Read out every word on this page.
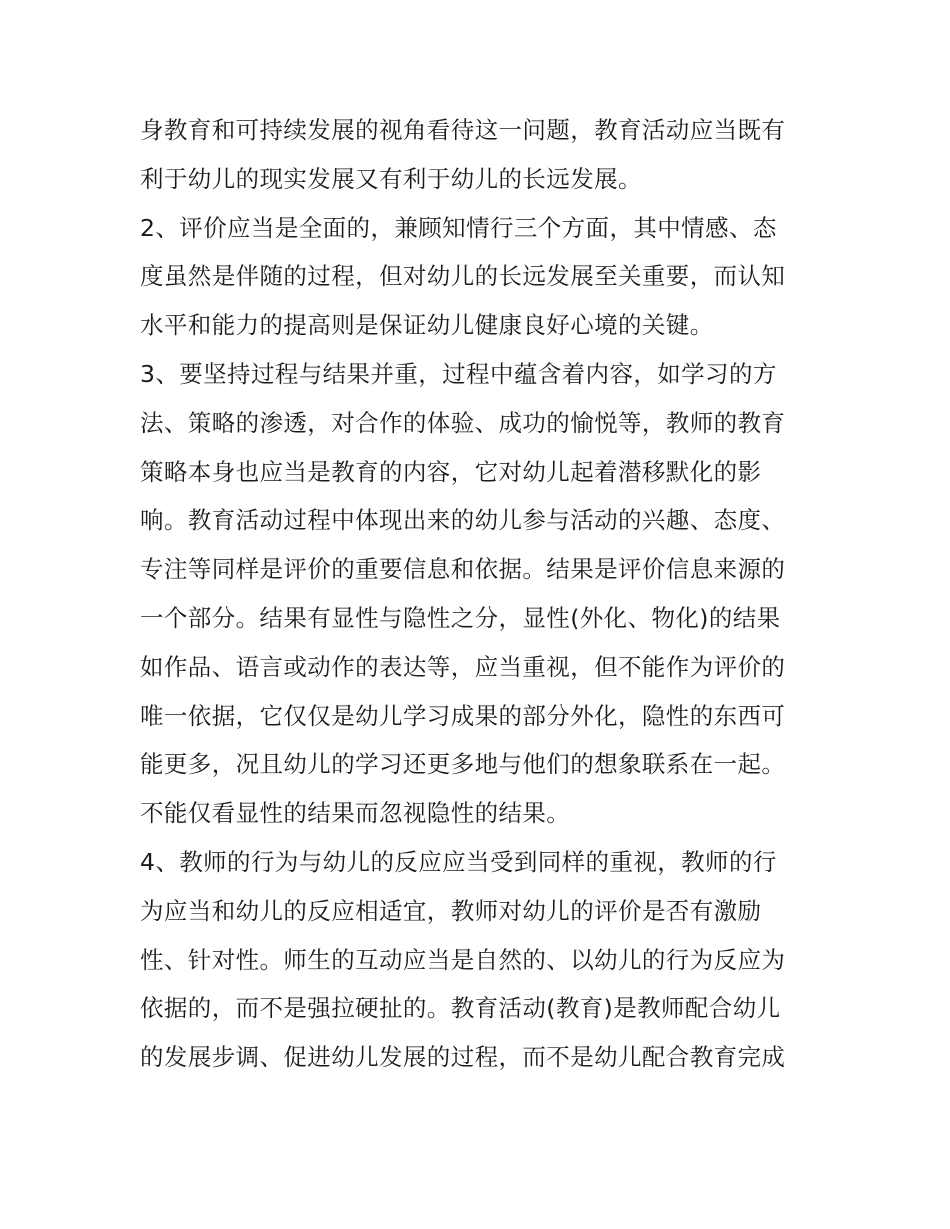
身教育和可持续发展的视角看待这一问题，教育活动应当既有
利于幼儿的现实发展又有利于幼儿的长远发展。
2、评价应当是全面的，兼顾知情行三个方面，其中情感、态
度虽然是伴随的过程，但对幼儿的长远发展至关重要，而认知
水平和能力的提高则是保证幼儿健康良好心境的关键。
3、要坚持过程与结果并重，过程中蕴含着内容，如学习的方
法、策略的渗透，对合作的体验、成功的愉悦等，教师的教育
策略本身也应当是教育的内容，它对幼儿起着潜移默化的影
响。教育活动过程中体现出来的幼儿参与活动的兴趣、态度、
专注等同样是评价的重要信息和依据。结果是评价信息来源的
一个部分。结果有显性与隐性之分，显性(外化、物化)的结果
如作品、语言或动作的表达等，应当重视，但不能作为评价的
唯一依据，它仅仅是幼儿学习成果的部分外化，隐性的东西可
能更多，况且幼儿的学习还更多地与他们的想象联系在一起。
不能仅看显性的结果而忽视隐性的结果。
4、教师的行为与幼儿的反应应当受到同样的重视，教师的行
为应当和幼儿的反应相适宜，教师对幼儿的评价是否有激励
性、针对性。师生的互动应当是自然的、以幼儿的行为反应为
依据的，而不是强拉硬扯的。教育活动(教育)是教师配合幼儿
的发展步调、促进幼儿发展的过程，而不是幼儿配合教育完成
